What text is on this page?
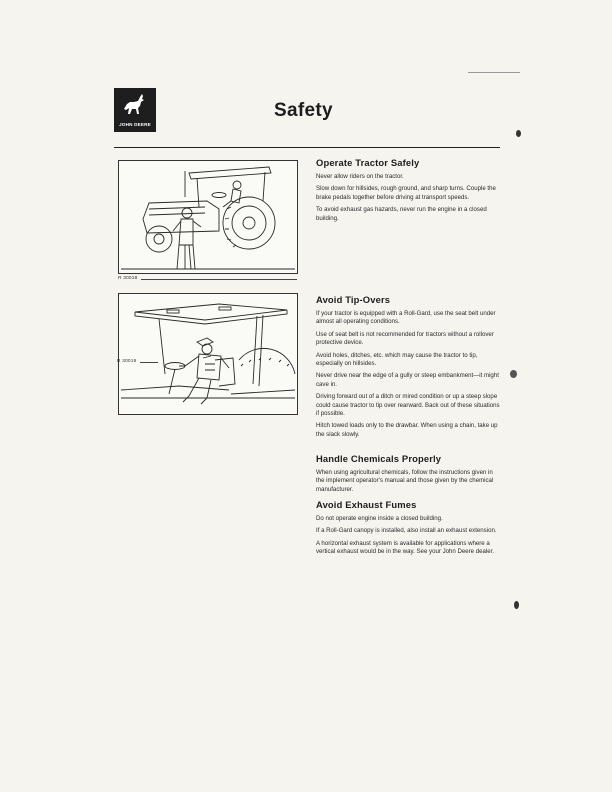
JOHN DEERE
Safety
R 30018
R 30019
Operate Tractor Safely

Never allow riders on the tractor.

Slow down for hillsides, rough ground, and sharp turns. Couple the brake pedals together before driving at transport speeds.

To avoid exhaust gas hazards, never run the engine in a closed building.

Avoid Tip-Overs

If your tractor is equipped with a Roll-Gard, use the seat belt under almost all operating conditions.

Use of seat belt is not recommended for tractors without a rollover protective device.

Avoid holes, ditches, etc. which may cause the tractor to tip, especially on hillsides.

Never drive near the edge of a gully or steep embankment—it might cave in.

Driving forward out of a ditch or mired condition or up a steep slope could cause tractor to tip over rearward. Back out of these situations if possible.

Hitch towed loads only to the drawbar. When using a chain, take up the slack slowly.

Handle Chemicals Properly

When using agricultural chemicals, follow the instructions given in the implement operator's manual and those given by the chemical manufacturer.

Avoid Exhaust Fumes

Do not operate engine inside a closed building.

If a Roll-Gard canopy is installed, also install an exhaust extension.

A horizontal exhaust system is available for applications where a vertical exhaust would be in the way. See your John Deere dealer.
